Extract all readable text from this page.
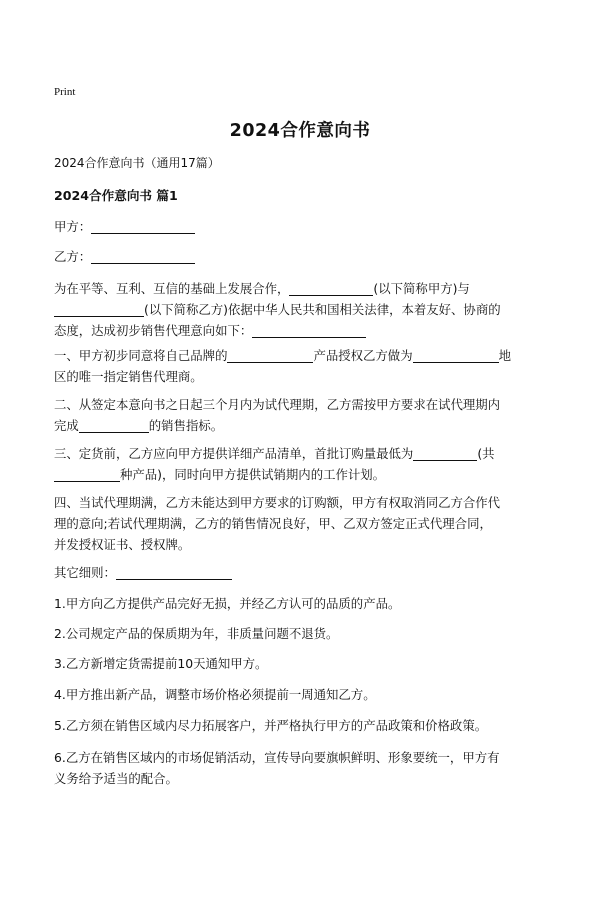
Print
2024合作意向书
2024合作意向书（通用17篇）
2024合作意向书 篇1
甲方：
乙方：
为在平等、互利、互信的基础上发展合作，	(以下简称甲方)与
(以下简称乙方)依据中华人民共和国相关法律，本着友好、协商的
态度，达成初步销售代理意向如下：
一、甲方初步同意将自己品牌的	产品授权乙方做为	地
区的唯一指定销售代理商。
二、从签定本意向书之日起三个月内为试代理期，乙方需按甲方要求在试代理期内
完成	的销售指标。
三、定货前，乙方应向甲方提供详细产品清单，首批订购量最低为	(共
种产品)，同时向甲方提供试销期内的工作计划。
四、当试代理期满，乙方未能达到甲方要求的订购额，甲方有权取消同乙方合作代
理的意向;若试代理期满，乙方的销售情况良好，甲、乙双方签定正式代理合同，
并发授权证书、授权牌。
其它细则：
1.甲方向乙方提供产品完好无损，并经乙方认可的品质的产品。
2.公司规定产品的保质期为年，非质量问题不退货。
3.乙方新增定货需提前10天通知甲方。
4.甲方推出新产品，调整市场价格必须提前一周通知乙方。
5.乙方须在销售区域内尽力拓展客户，并严格执行甲方的产品政策和价格政策。
6.乙方在销售区域内的市场促销活动，宣传导向要旗帜鲜明、形象要统一，甲方有
义务给予适当的配合。
